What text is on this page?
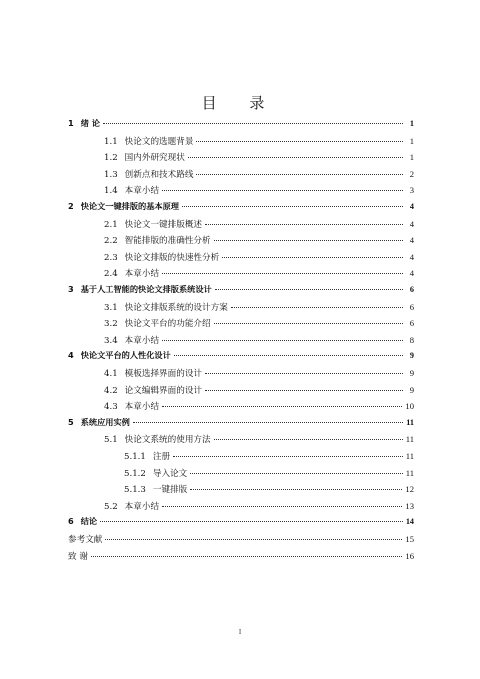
目 录
1 绪 论	1
1.1 快论文的选题背景	1
1.2 国内外研究现状	1
1.3 创新点和技术路线	2
1.4 本章小结	3
2 快论文一键排版的基本原理	4
2.1 快论文一键排版概述	4
2.2 智能排版的准确性分析	4
2.3 快论文排版的快速性分析	4
2.4 本章小结	4
3 基于人工智能的快论文排版系统设计	6
3.1 快论文排版系统的设计方案	6
3.2 快论文平台的功能介绍	6
3.4 本章小结	8
4 快论文平台的人性化设计	9
4.1 模板选择界面的设计	9
4.2 论文编辑界面的设计	9
4.3 本章小结	10
5 系统应用实例	11
5.1 快论文系统的使用方法	11
5.1.1 注册	11
5.1.2 导入论文	11
5.1.3 一键排版	12
5.2 本章小结	13
6 结论	14
参考文献	15
致 谢	16
I
